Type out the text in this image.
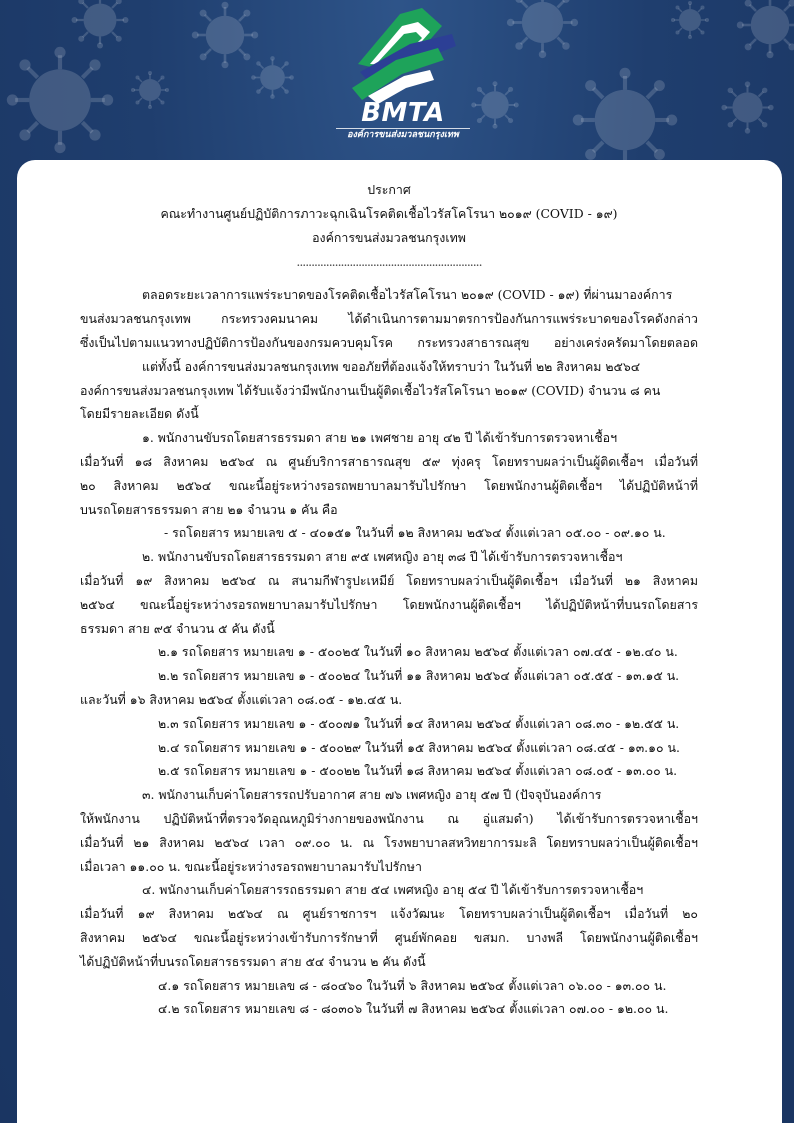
BMTA
องค์การขนส่งมวลชนกรุงเทพ
ประกาศ
คณะทำงานศูนย์ปฏิบัติการภาวะฉุกเฉินโรคติดเชื้อไวรัสโคโรนา ๒๐๑๙ (COVID - ๑๙)
องค์การขนส่งมวลชนกรุงเทพ
...............................................................

ตลอดระยะเวลาการแพร่ระบาดของโรคติดเชื้อไวรัสโคโรนา ๒๐๑๙ (COVID - ๑๙) ที่ผ่านมาองค์การ

ขนส่งมวลชนกรุงเทพ กระทรวงคมนาคม ได้ดำเนินการตามมาตรการป้องกันการแพร่ระบาดของโรคดังกล่าว

ซึ่งเป็นไปตามแนวทางปฏิบัติการป้องกันของกรมควบคุมโรค กระทรวงสาธารณสุข อย่างเคร่งครัดมาโดยตลอด

แต่ทั้งนี้ องค์การขนส่งมวลชนกรุงเทพ ขออภัยที่ต้องแจ้งให้ทราบว่า ในวันที่ ๒๒ สิงหาคม ๒๕๖๔

องค์การขนส่งมวลชนกรุงเทพ ได้รับแจ้งว่ามีพนักงานเป็นผู้ติดเชื้อไวรัสโคโรนา ๒๐๑๙ (COVID) จำนวน ๘ คน

โดยมีรายละเอียด ดังนี้

๑. พนักงานขับรถโดยสารธรรมดา สาย ๒๑ เพศชาย อายุ ๔๒ ปี ได้เข้ารับการตรวจหาเชื้อฯ

เมื่อวันที่ ๑๘ สิงหาคม ๒๕๖๔ ณ ศูนย์บริการสาธารณสุข ๕๙ ทุ่งครุ โดยทราบผลว่าเป็นผู้ติดเชื้อฯ เมื่อวันที่

๒๐ สิงหาคม ๒๕๖๔ ขณะนี้อยู่ระหว่างรอรถพยาบาลมารับไปรักษา โดยพนักงานผู้ติดเชื้อฯ ได้ปฏิบัติหน้าที่

บนรถโดยสารธรรมดา สาย ๒๑ จำนวน ๑ คัน คือ

- รถโดยสาร หมายเลข ๕ - ๔๐๑๕๑ ในวันที่ ๑๒ สิงหาคม ๒๕๖๔ ตั้งแต่เวลา ๐๕.๐๐ - ๐๙.๑๐ น.

๒. พนักงานขับรถโดยสารธรรมดา สาย ๙๕ เพศหญิง อายุ ๓๘ ปี ได้เข้ารับการตรวจหาเชื้อฯ

เมื่อวันที่ ๑๙ สิงหาคม ๒๕๖๔ ณ สนามกีฬารูปะเหมีย์ โดยทราบผลว่าเป็นผู้ติดเชื้อฯ เมื่อวันที่ ๒๑ สิงหาคม

๒๕๖๔ ขณะนี้อยู่ระหว่างรอรถพยาบาลมารับไปรักษา โดยพนักงานผู้ติดเชื้อฯ ได้ปฏิบัติหน้าที่บนรถโดยสาร

ธรรมดา สาย ๙๕ จำนวน ๕ คัน ดังนี้

๒.๑ รถโดยสาร หมายเลข ๑ - ๕๐๐๒๕ ในวันที่ ๑๐ สิงหาคม ๒๕๖๔ ตั้งแต่เวลา ๐๗.๔๕ - ๑๒.๔๐ น.

๒.๒ รถโดยสาร หมายเลข ๑ - ๕๐๐๒๔ ในวันที่ ๑๑ สิงหาคม ๒๕๖๔ ตั้งแต่เวลา ๐๕.๕๕ - ๑๓.๑๕ น.

และวันที่ ๑๖ สิงหาคม ๒๕๖๔ ตั้งแต่เวลา ๐๘.๐๕ - ๑๒.๔๕ น.

๒.๓ รถโดยสาร หมายเลข ๑ - ๕๐๐๗๑ ในวันที่ ๑๔ สิงหาคม ๒๕๖๔ ตั้งแต่เวลา ๐๘.๓๐ - ๑๒.๕๕ น.

๒.๔ รถโดยสาร หมายเลข ๑ - ๕๐๐๒๙ ในวันที่ ๑๕ สิงหาคม ๒๕๖๔ ตั้งแต่เวลา ๐๘.๔๕ - ๑๓.๑๐ น.

๒.๕ รถโดยสาร หมายเลข ๑ - ๕๐๐๒๒ ในวันที่ ๑๘ สิงหาคม ๒๕๖๔ ตั้งแต่เวลา ๐๘.๐๕ - ๑๓.๐๐ น.

๓. พนักงานเก็บค่าโดยสารรถปรับอากาศ สาย ๗๖ เพศหญิง อายุ ๕๗ ปี (ปัจจุบันองค์การ

ให้พนักงาน ปฏิบัติหน้าที่ตรวจวัดอุณหภูมิร่างกายของพนักงาน ณ อู่แสมดำ) ได้เข้ารับการตรวจหาเชื้อฯ

เมื่อวันที่ ๒๑ สิงหาคม ๒๕๖๔ เวลา ๐๙.๐๐ น. ณ โรงพยาบาลสหวิทยาการมะลิ โดยทราบผลว่าเป็นผู้ติดเชื้อฯ

เมื่อเวลา ๑๑.๐๐ น. ขณะนี้อยู่ระหว่างรอรถพยาบาลมารับไปรักษา

๔. พนักงานเก็บค่าโดยสารรถธรรมดา สาย ๕๔ เพศหญิง อายุ ๕๔ ปี ได้เข้ารับการตรวจหาเชื้อฯ

เมื่อวันที่ ๑๙ สิงหาคม ๒๕๖๔ ณ ศูนย์ราชการฯ แจ้งวัฒนะ โดยทราบผลว่าเป็นผู้ติดเชื้อฯ เมื่อวันที่ ๒๐

สิงหาคม ๒๕๖๔ ขณะนี้อยู่ระหว่างเข้ารับการรักษาที่ ศูนย์พักคอย ขสมก. บางพลี โดยพนักงานผู้ติดเชื้อฯ

ได้ปฏิบัติหน้าที่บนรถโดยสารธรรมดา สาย ๕๔ จำนวน ๒ คัน ดังนี้

๔.๑ รถโดยสาร หมายเลข ๘ - ๘๐๔๖๐ ในวันที่ ๖ สิงหาคม ๒๕๖๔ ตั้งแต่เวลา ๐๖.๐๐ - ๑๓.๐๐ น.

๔.๒ รถโดยสาร หมายเลข ๘ - ๘๐๓๐๖ ในวันที่ ๗ สิงหาคม ๒๕๖๔ ตั้งแต่เวลา ๐๗.๐๐ - ๑๒.๐๐ น.
